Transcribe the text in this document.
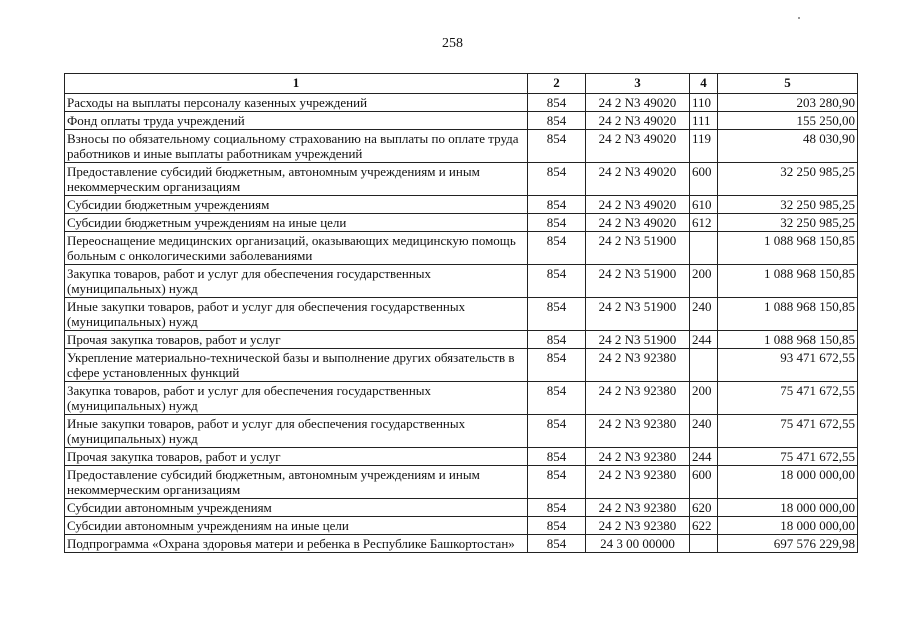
258
1	2	3	4	5
Расходы на выплаты персоналу казенных учреждений	854	24 2 N3 49020	110	203 280,90
Фонд оплаты труда учреждений	854	24 2 N3 49020	111	155 250,00
Взносы по обязательному социальному страхованию на выплаты по оплате труда работников и иные выплаты работникам учреждений	854	24 2 N3 49020	119	48 030,90
Предоставление субсидий бюджетным, автономным учреждениям и иным некоммерческим организациям	854	24 2 N3 49020	600	32 250 985,25
Субсидии бюджетным учреждениям	854	24 2 N3 49020	610	32 250 985,25
Субсидии бюджетным учреждениям на иные цели	854	24 2 N3 49020	612	32 250 985,25
Переоснащение медицинских организаций, оказывающих медицинскую помощь больным с онкологическими заболеваниями	854	24 2 N3 51900		1 088 968 150,85
Закупка товаров, работ и услуг для обеспечения государственных (муниципальных) нужд	854	24 2 N3 51900	200	1 088 968 150,85
Иные закупки товаров, работ и услуг для обеспечения государственных (муниципальных) нужд	854	24 2 N3 51900	240	1 088 968 150,85
Прочая закупка товаров, работ и услуг	854	24 2 N3 51900	244	1 088 968 150,85
Укрепление материально-технической базы и выполнение других обязательств в сфере установленных функций	854	24 2 N3 92380		93 471 672,55
Закупка товаров, работ и услуг для обеспечения государственных (муниципальных) нужд	854	24 2 N3 92380	200	75 471 672,55
Иные закупки товаров, работ и услуг для обеспечения государственных (муниципальных) нужд	854	24 2 N3 92380	240	75 471 672,55
Прочая закупка товаров, работ и услуг	854	24 2 N3 92380	244	75 471 672,55
Предоставление субсидий бюджетным, автономным учреждениям и иным некоммерческим организациям	854	24 2 N3 92380	600	18 000 000,00
Субсидии автономным учреждениям	854	24 2 N3 92380	620	18 000 000,00
Субсидии автономным учреждениям на иные цели	854	24 2 N3 92380	622	18 000 000,00
Подпрограмма «Охрана здоровья матери и ребенка в Республике Башкортостан»	854	24 3 00 00000		697 576 229,98
